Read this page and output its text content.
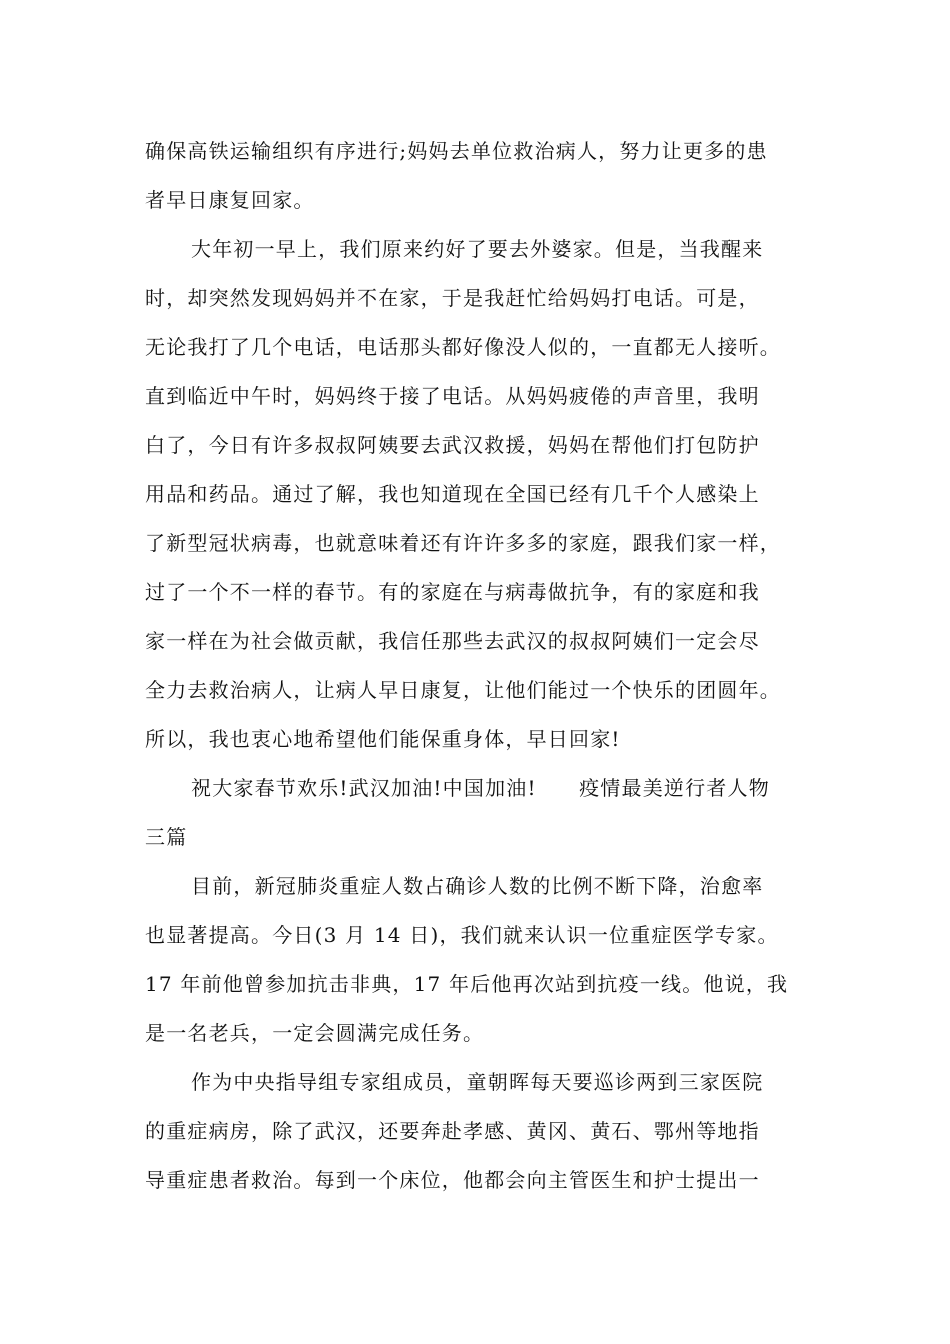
确保高铁运输组织有序进行;妈妈去单位救治病人，努力让更多的患
者早日康复回家。
大年初一早上，我们原来约好了要去外婆家。但是，当我醒来
时，却突然发现妈妈并不在家，于是我赶忙给妈妈打电话。可是，
无论我打了几个电话，电话那头都好像没人似的，一直都无人接听。
直到临近中午时，妈妈终于接了电话。从妈妈疲倦的声音里，我明
白了，今日有许多叔叔阿姨要去武汉救援，妈妈在帮他们打包防护
用品和药品。通过了解，我也知道现在全国已经有几千个人感染上
了新型冠状病毒，也就意味着还有许许多多的家庭，跟我们家一样，
过了一个不一样的春节。有的家庭在与病毒做抗争，有的家庭和我
家一样在为社会做贡献，我信任那些去武汉的叔叔阿姨们一定会尽
全力去救治病人，让病人早日康复，让他们能过一个快乐的团圆年。
所以，我也衷心地希望他们能保重身体，早日回家!
祝大家春节欢乐!武汉加油!中国加油!　　疫情最美逆行者人物
三篇
目前，新冠肺炎重症人数占确诊人数的比例不断下降，治愈率
也显著提高。今日(3 月 14 日)，我们就来认识一位重症医学专家。
17 年前他曾参加抗击非典，17 年后他再次站到抗疫一线。他说，我
是一名老兵，一定会圆满完成任务。
作为中央指导组专家组成员，童朝晖每天要巡诊两到三家医院
的重症病房，除了武汉，还要奔赴孝感、黄冈、黄石、鄂州等地指
导重症患者救治。每到一个床位，他都会向主管医生和护士提出一
